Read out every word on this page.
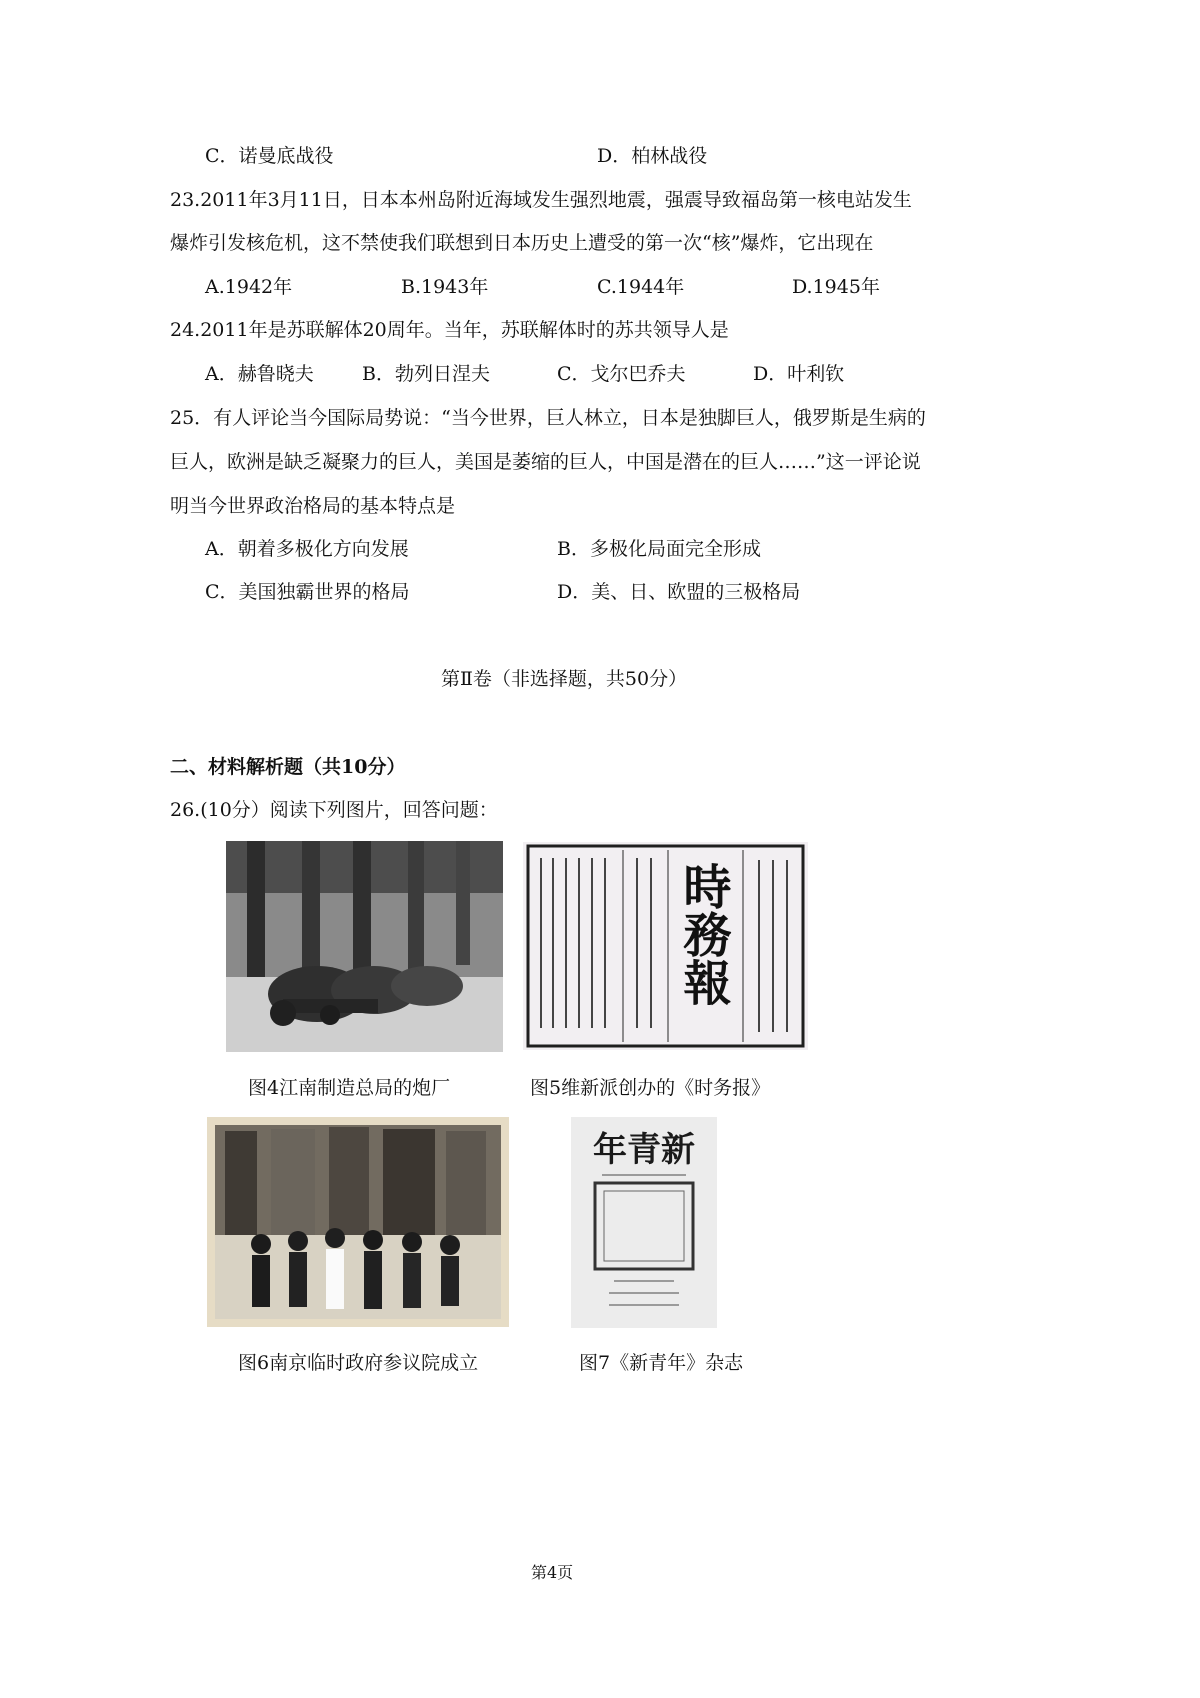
C．诺曼底战役	D．柏林战役
23.2011年3月11日，日本本州岛附近海域发生强烈地震，强震导致福岛第一核电站发生
爆炸引发核危机，这不禁使我们联想到日本历史上遭受的第一次“核”爆炸，它出现在
A.1942年	B.1943年	C.1944年	D.1945年
24.2011年是苏联解体20周年。当年，苏联解体时的苏共领导人是
A．赫鲁晓夫	B．勃列日涅夫	C．戈尔巴乔夫	D．叶利钦
25．有人评论当今国际局势说：“当今世界，巨人林立，日本是独脚巨人，俄罗斯是生病的
巨人，欧洲是缺乏凝聚力的巨人，美国是萎缩的巨人，中国是潜在的巨人……”这一评论说
明当今世界政治格局的基本特点是
A．朝着多极化方向发展	B．多极化局面完全形成
C．美国独霸世界的格局	D．美、日、欧盟的三极格局
第Ⅱ卷（非选择题，共50分）
二、材料解析题（共10分）
26.(10分）阅读下列图片，回答问题：
图4江南制造总局的炮厂
時務報
图5维新派创办的《时务报》
图6南京临时政府参议院成立
年青新
图7《新青年》杂志
第4页
